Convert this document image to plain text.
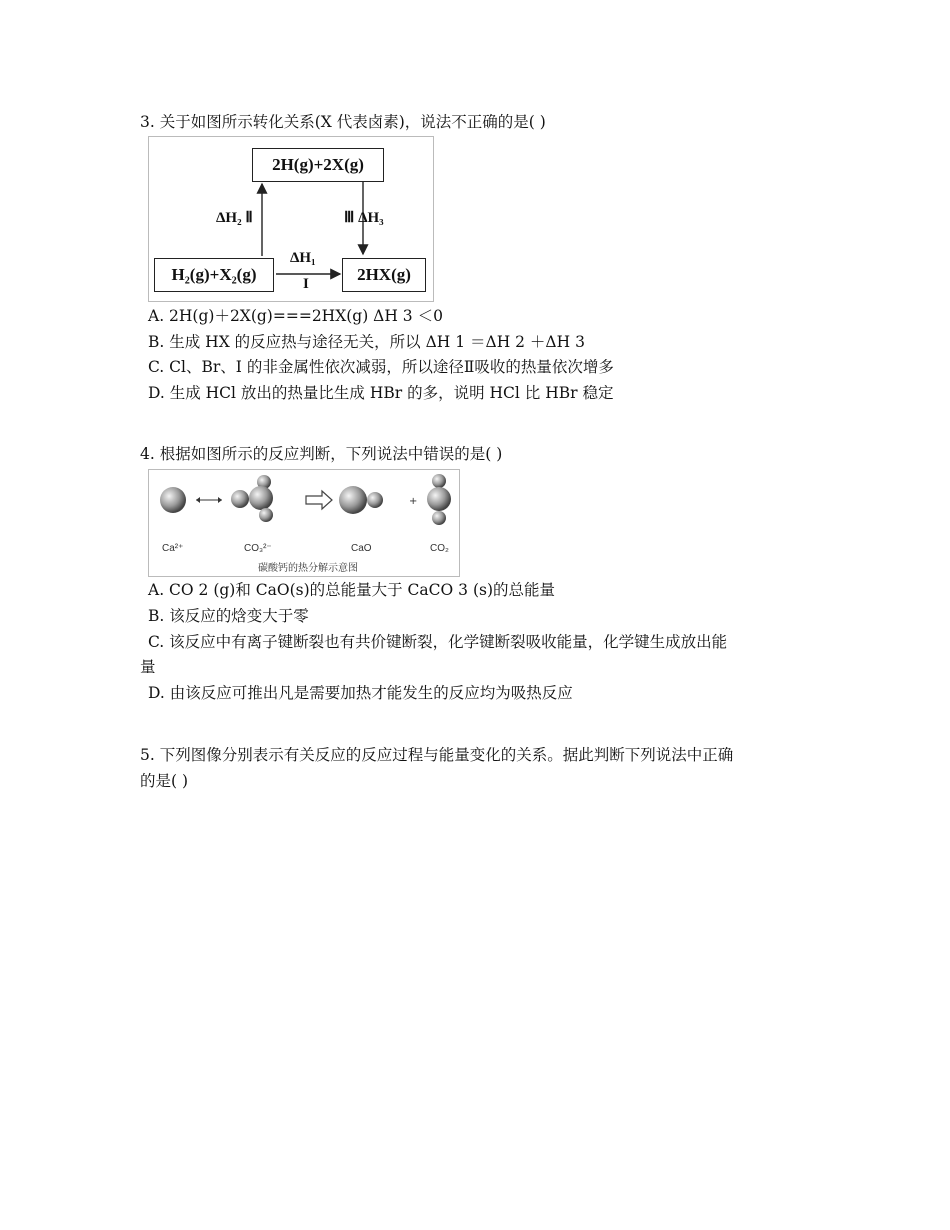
3. 关于如图所示转化关系(X 代表卤素)，说法不正确的是( )
2H(g)+2X(g)
H₂(g)+X₂(g)	2HX(g)
ΔH₂ Ⅱ	Ⅲ ΔH₃
ΔH₁
I
A. 2H(g)＋2X(g)===2HX(g) ΔH 3 ＜0
B. 生成 HX 的反应热与途径无关，所以 ΔH 1 ＝ΔH 2 ＋ΔH 3
C. Cl、Br、I 的非金属性依次减弱，所以途径Ⅱ吸收的热量依次增多
D. 生成 HCl 放出的热量比生成 HBr 的多，说明 HCl 比 HBr 稳定
4. 根据如图所示的反应判断，下列说法中错误的是( )
+
Ca²⁺	CO₃²⁻	CaO	CO₂
碳酸钙的热分解示意图
A. CO 2 (g)和 CaO(s)的总能量大于 CaCO 3 (s)的总能量
B. 该反应的焓变大于零
C. 该反应中有离子键断裂也有共价键断裂，化学键断裂吸收能量，化学键生成放出能
量
D. 由该反应可推出凡是需要加热才能发生的反应均为吸热反应
5. 下列图像分别表示有关反应的反应过程与能量变化的关系。据此判断下列说法中正确
的是( )
